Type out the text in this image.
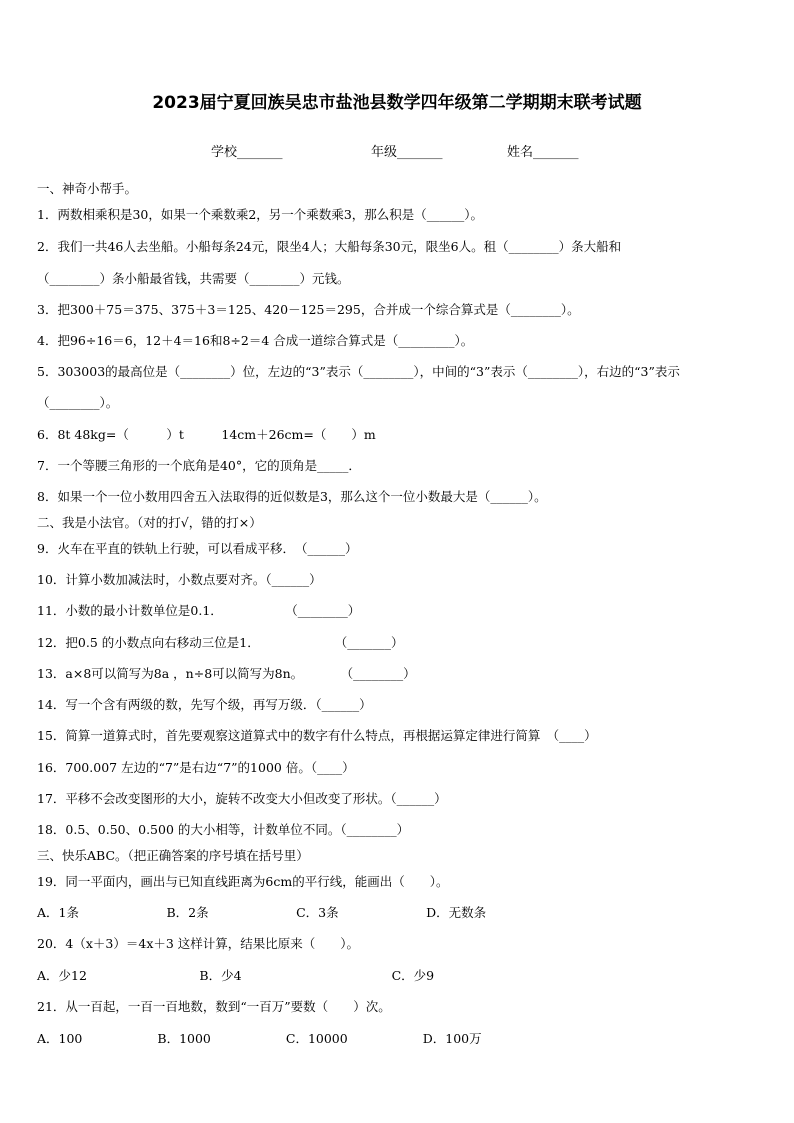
2023届宁夏回族吴忠市盐池县数学四年级第二学期期末联考试题
学校_______	年级_______	姓名_______
一、神奇小帮手。
1．两数相乘积是30，如果一个乘数乘2，另一个乘数乘3，那么积是（______）。
2．我们一共46人去坐船。小船每条24元，限坐4人；大船每条30元，限坐6人。租（________）条大船和
（________）条小船最省钱，共需要（________）元钱。
3．把300＋75＝375、375＋3＝125、420－125＝295，合并成一个综合算式是（________）。
4．把96÷16＝6，12＋4＝16和8÷2＝4 合成一道综合算式是（_________）。
5．303003的最高位是（________）位，左边的“3”表示（________），中间的“3”表示（________），右边的“3”表示
（________）。
6．8t 48kg=（　　　）t　　　14cm＋26cm=（　　）m
7．一个等腰三角形的一个底角是40°，它的顶角是_____．
8．如果一个一位小数用四舍五入法取得的近似数是3，那么这个一位小数最大是（______）。
二、我是小法官。（对的打√，错的打×）
9．火车在平直的铁轨上行驶，可以看成平移．　（______）
10．计算小数加减法时，小数点要对齐。（______）
11．小数的最小计数单位是0.1．　　　　　　（________）
12．把0.5 的小数点向右移动三位是1．　　　　　　　（_______）
13．a×8可以简写为8a ，n÷8可以简写为8n。　　　　（________）
14．写一个含有两级的数，先写个级，再写万级．（______）
15．简算一道算式时，首先要观察这道算式中的数字有什么特点，再根据运算定律进行简算　（____）
16．700.007 左边的“7”是右边“7”的1000 倍。（____）
17．平移不会改变图形的大小，旋转不改变大小但改变了形状。（______）
18．0.5、0.50、0.500 的大小相等，计数单位不同。（________）
三、快乐ABC。（把正确答案的序号填在括号里）
19．同一平面内，画出与已知直线距离为6cm的平行线，能画出（　　）。
A．1条　　　　　　　B．2条　　　　　　　C．3条　　　　　　　D．无数条
20．4（x＋3）＝4x＋3 这样计算，结果比原来（　　）。
A．少12　　　　　　　　　B．少4　　　　　　　　　　　　C．少9
21．从一百起，一百一百地数，数到“一百万”要数（　　）次。
A．100　　　　　　B．1000　　　　　　C．10000　　　　　　D．100万
